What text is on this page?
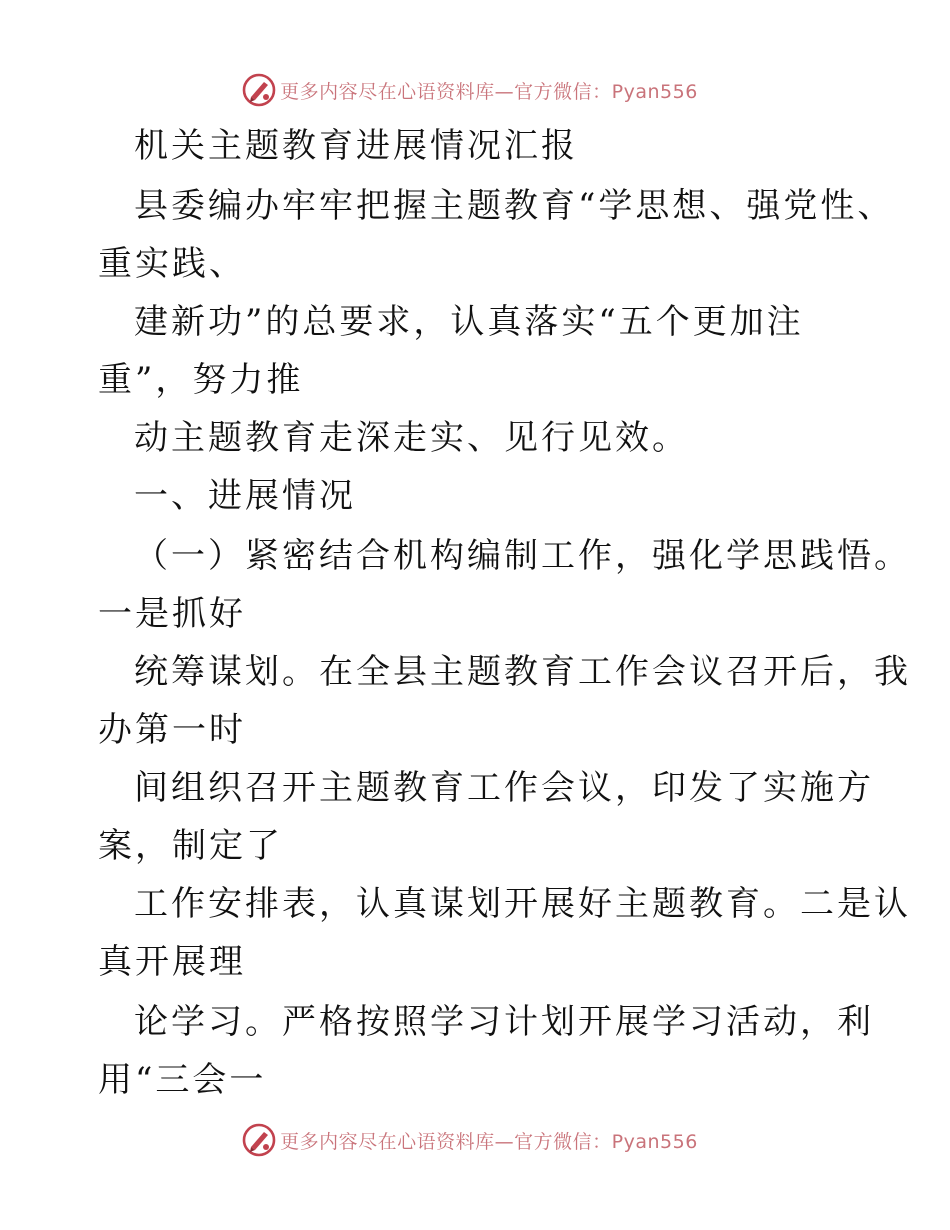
更多内容尽在心语资料库—官方微信：Pyan556
机关主题教育进展情况汇报
县委编办牢牢把握主题教育“学思想、强党性、
重实践、
建新功”的总要求，认真落实“五个更加注
重”，努力推
动主题教育走深走实、见行见效。
一、进展情况
（一）紧密结合机构编制工作，强化学思践悟。
一是抓好
统筹谋划。在全县主题教育工作会议召开后，我
办第一时
间组织召开主题教育工作会议，印发了实施方
案，制定了
工作安排表，认真谋划开展好主题教育。二是认
真开展理
论学习。严格按照学习计划开展学习活动，利
用“三会一
更多内容尽在心语资料库—官方微信：Pyan556
